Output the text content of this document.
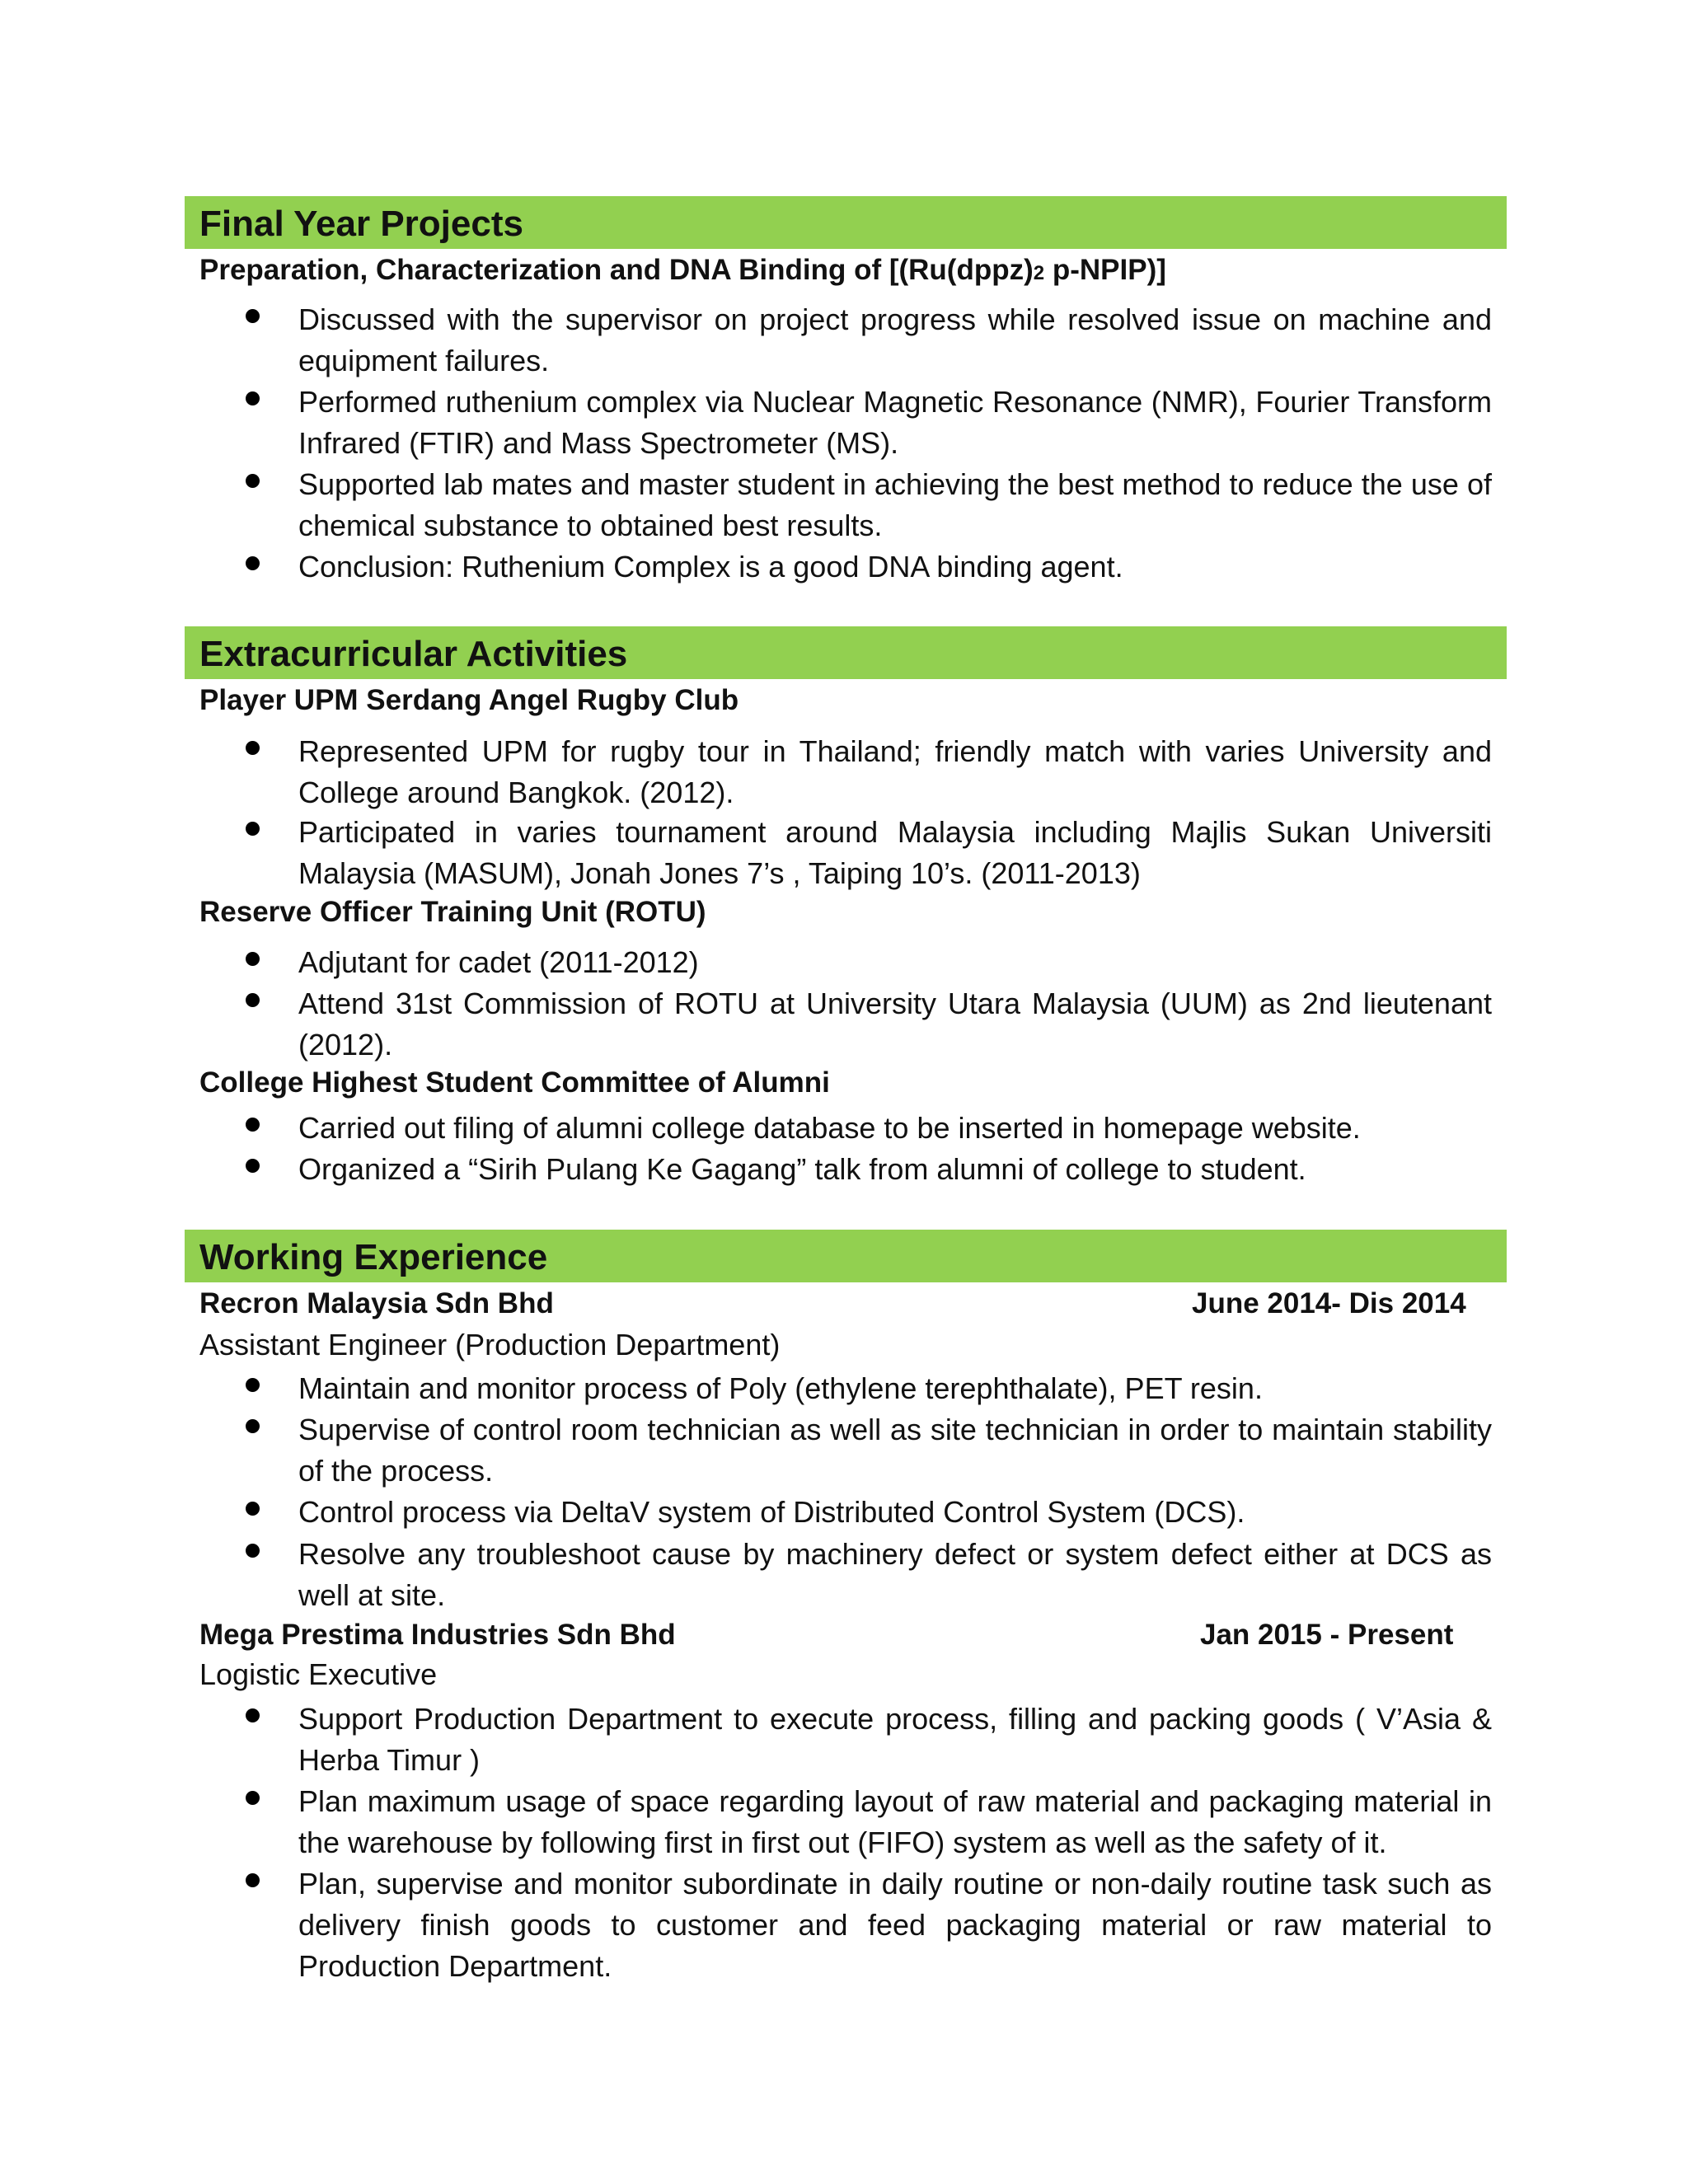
Final Year Projects
Preparation, Characterization and DNA Binding of [(Ru(dppz)2 p-NPIP)]
Discussed with the supervisor on project progress while resolved issue on machine and equipment failures.
Performed ruthenium complex via Nuclear Magnetic Resonance (NMR), Fourier Transform Infrared (FTIR) and Mass Spectrometer (MS).
Supported lab mates and master student in achieving the best method to reduce the use of chemical substance to obtained best results.
Conclusion: Ruthenium Complex is a good DNA binding agent.
Extracurricular Activities
Player UPM Serdang Angel Rugby Club
Represented UPM for rugby tour in Thailand; friendly match with varies University and College around Bangkok. (2012).
Participated in varies tournament around Malaysia including Majlis Sukan Universiti Malaysia (MASUM), Jonah Jones 7’s , Taiping 10’s. (2011-2013)
Reserve Officer Training Unit (ROTU)
Adjutant for cadet (2011-2012)
Attend 31st Commission of ROTU at University Utara Malaysia (UUM) as 2nd lieutenant (2012).
College Highest Student Committee of Alumni
Carried out filing of alumni college database to be inserted in homepage website.
Organized a “Sirih Pulang Ke Gagang” talk from alumni of college to student.
Working Experience
Recron Malaysia Sdn Bhd	June 2014- Dis 2014
Assistant Engineer (Production Department)
Maintain and monitor process of Poly (ethylene terephthalate), PET resin.
Supervise of control room technician as well as site technician in order to maintain stability of the process.
Control process via DeltaV system of Distributed Control System (DCS).
Resolve any troubleshoot cause by machinery defect or system defect either at DCS as well at site.
Mega Prestima Industries Sdn Bhd	Jan 2015 - Present
Logistic Executive
Support Production Department to execute process, filling and packing goods ( V’Asia & Herba Timur )
Plan maximum usage of space regarding layout of raw material and packaging material in the warehouse by following first in first out (FIFO) system as well as the safety of it.
Plan, supervise and monitor subordinate in daily routine or non-daily routine task such as delivery finish goods to customer and feed packaging material or raw material to Production Department.
